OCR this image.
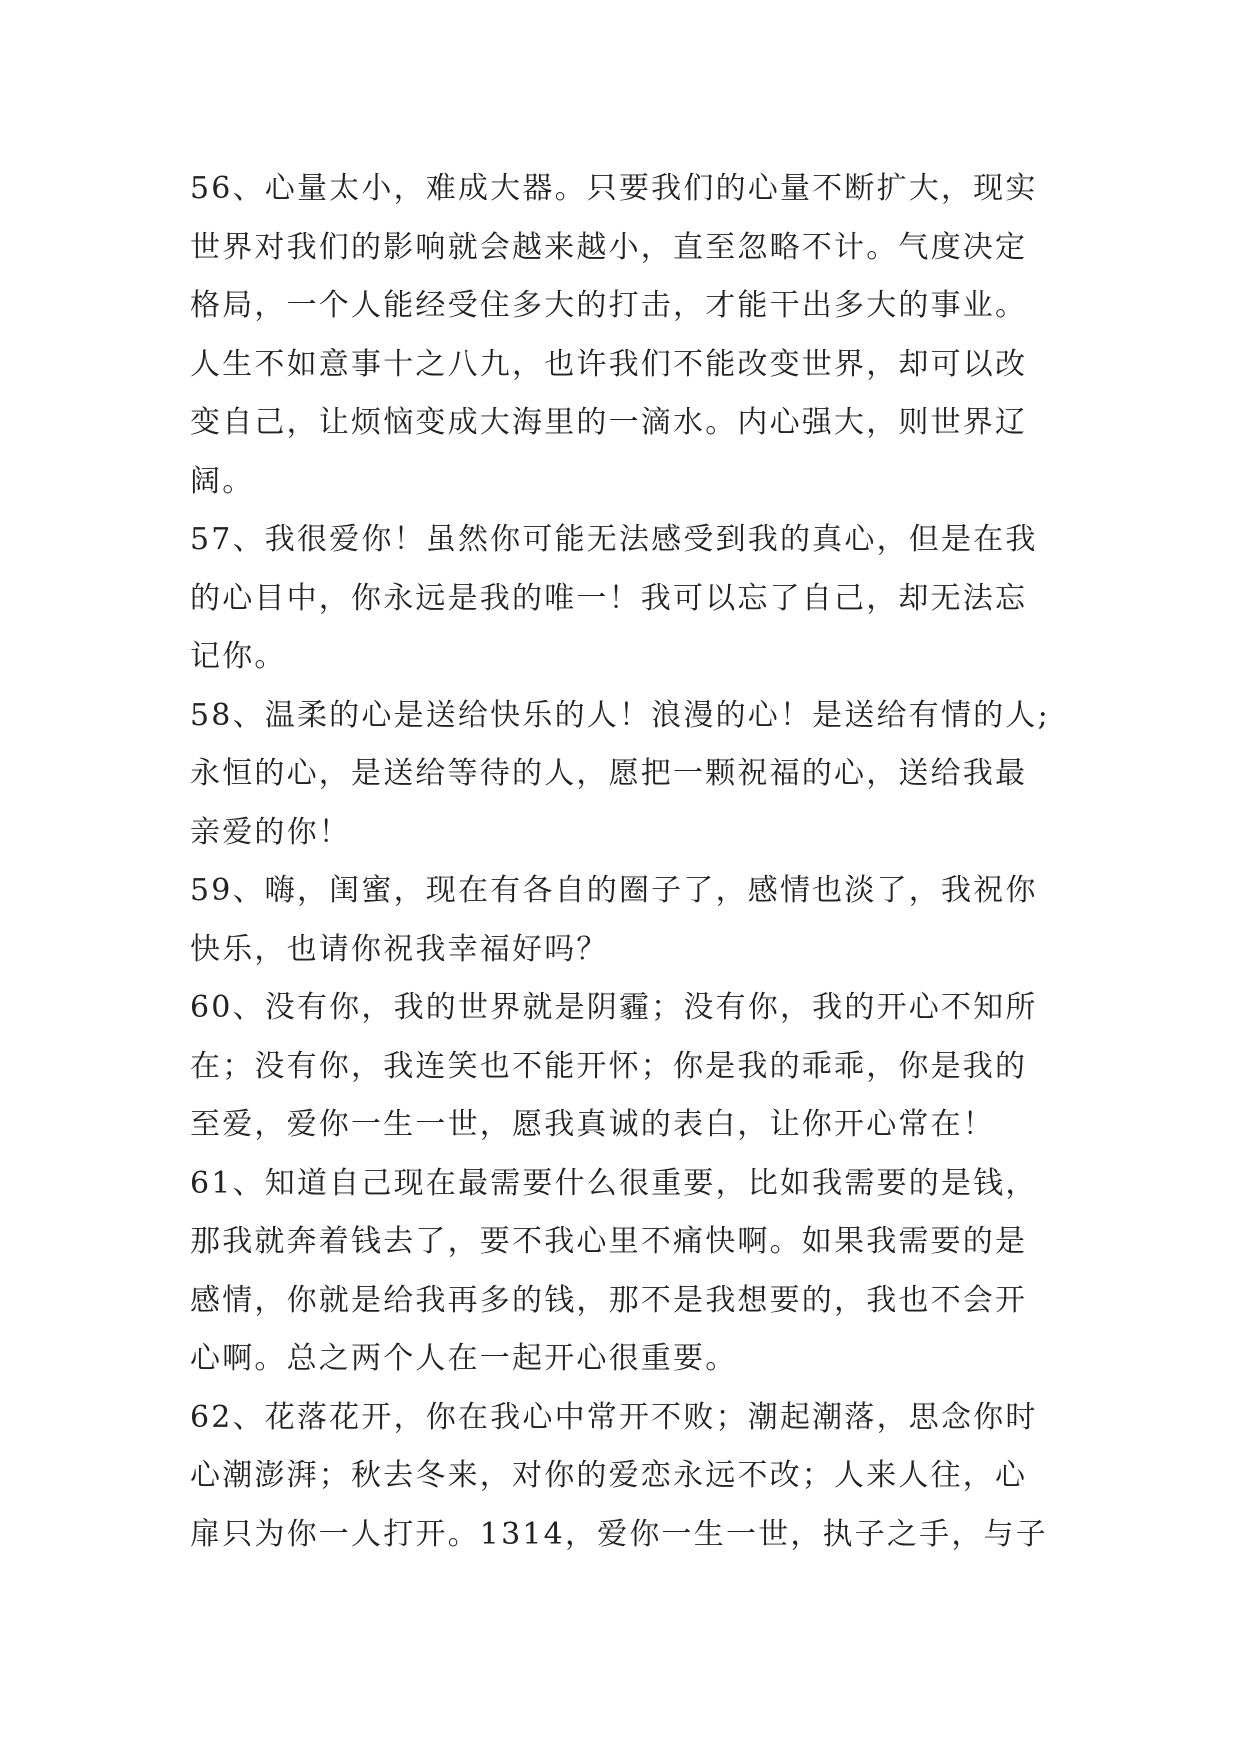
56、心量太小，难成大器。只要我们的心量不断扩大，现实
世界对我们的影响就会越来越小，直至忽略不计。气度决定
格局，一个人能经受住多大的打击，才能干出多大的事业。
人生不如意事十之八九，也许我们不能改变世界，却可以改
变自己，让烦恼变成大海里的一滴水。内心强大，则世界辽
阔。
57、我很爱你！虽然你可能无法感受到我的真心，但是在我
的心目中，你永远是我的唯一！我可以忘了自己，却无法忘
记你。
58、温柔的心是送给快乐的人！浪漫的心！是送给有情的人;
永恒的心，是送给等待的人，愿把一颗祝福的心，送给我最
亲爱的你！
59、嗨，闺蜜，现在有各自的圈子了，感情也淡了，我祝你
快乐，也请你祝我幸福好吗？
60、没有你，我的世界就是阴霾；没有你，我的开心不知所
在；没有你，我连笑也不能开怀；你是我的乖乖，你是我的
至爱，爱你一生一世，愿我真诚的表白，让你开心常在！
61、知道自己现在最需要什么很重要，比如我需要的是钱，
那我就奔着钱去了，要不我心里不痛快啊。如果我需要的是
感情，你就是给我再多的钱，那不是我想要的，我也不会开
心啊。总之两个人在一起开心很重要。
62、花落花开，你在我心中常开不败；潮起潮落，思念你时
心潮澎湃；秋去冬来，对你的爱恋永远不改；人来人往，心
扉只为你一人打开。1314，爱你一生一世，执子之手，与子
